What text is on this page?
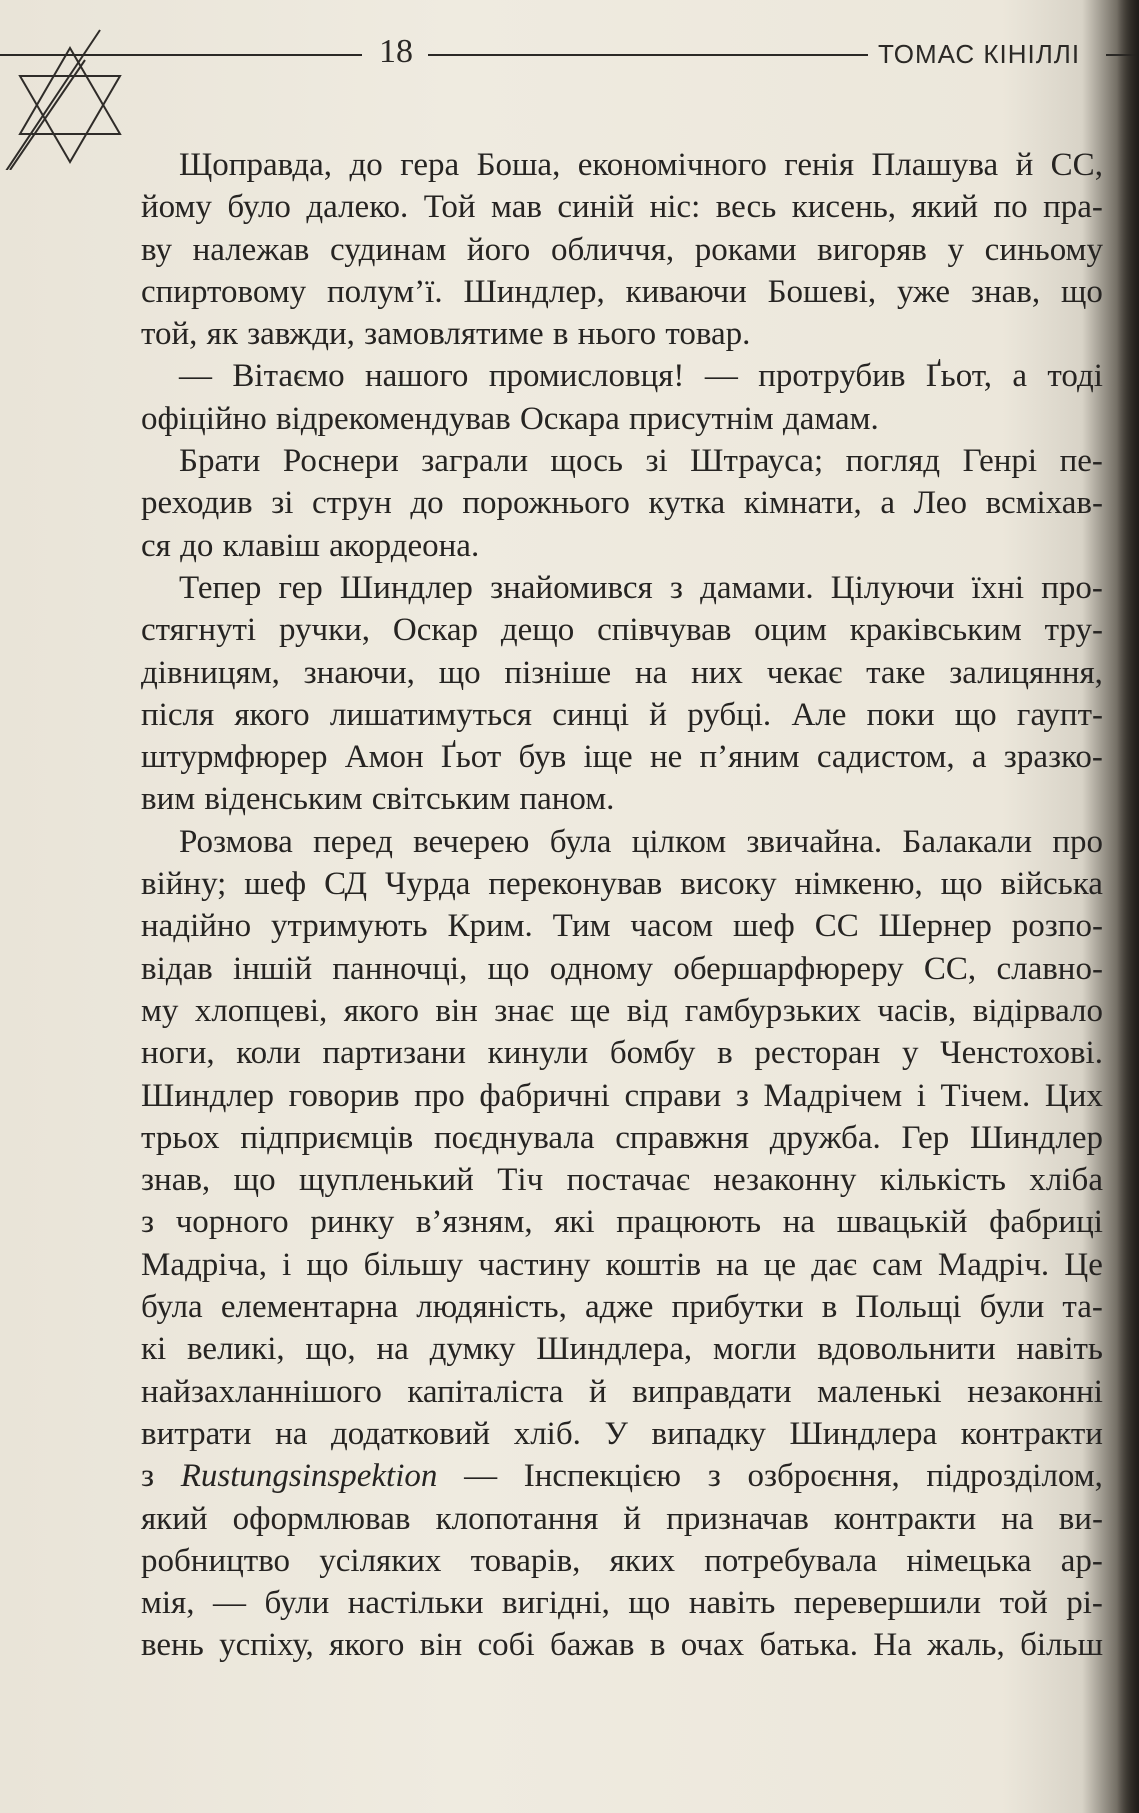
18	ТОМАС КІНІЛЛІ
Щоправда, до гера Боша, економічного генія Плашува й СС,
йому було далеко. Той мав синій ніс: весь кисень, який по пра-
ву належав судинам його обличчя, роками вигоряв у синьому
спиртовому полум’ї. Шиндлер, киваючи Бошеві, уже знав, що
той, як завжди, замовлятиме в нього товар.
— Вітаємо нашого промисловця! — протрубив Ґьот, а тоді
офіційно відрекомендував Оскара присутнім дамам.
Брати Роснери заграли щось зі Штрауса; погляд Генрі пе-
реходив зі струн до порожнього кутка кімнати, а Лео всміхав-
ся до клавіш акордеона.
Тепер гер Шиндлер знайомився з дамами. Цілуючи їхні про-
стягнуті ручки, Оскар дещо співчував оцим краківським тру-
дівницям, знаючи, що пізніше на них чекає таке залицяння,
після якого лишатимуться синці й рубці. Але поки що гаупт-
штурмфюрер Амон Ґьот був іще не п’яним садистом, а зразко-
вим віденським світським паном.
Розмова перед вечерею була цілком звичайна. Балакали про
війну; шеф СД Чурда переконував високу німкеню, що війська
надійно утримують Крим. Тим часом шеф СС Шернер розпо-
відав іншій панночці, що одному обершарфюреру СС, славно-
му хлопцеві, якого він знає ще від гамбурзьких часів, відірвало
ноги, коли партизани кинули бомбу в ресторан у Ченстохові.
Шиндлер говорив про фабричні справи з Мадрічем і Тічем. Цих
трьох підприємців поєднувала справжня дружба. Гер Шиндлер
знав, що щупленький Тіч постачає незаконну кількість хліба
з чорного ринку в’язням, які працюють на швацькій фабриці
Мадріча, і що більшу частину коштів на це дає сам Мадріч. Це
була елементарна людяність, адже прибутки в Польщі були та-
кі великі, що, на думку Шиндлера, могли вдовольнити навіть
найзахланнішого капіталіста й виправдати маленькі незаконні
витрати на додатковий хліб. У випадку Шиндлера контракти
з Rustungsinspektion — Інспекцією з озброєння, підрозділом,
який оформлював клопотання й призначав контракти на ви-
робництво усіляких товарів, яких потребувала німецька ар-
мія, — були настільки вигідні, що навіть перевершили той рі-
вень успіху, якого він собі бажав в очах батька. На жаль, більш
